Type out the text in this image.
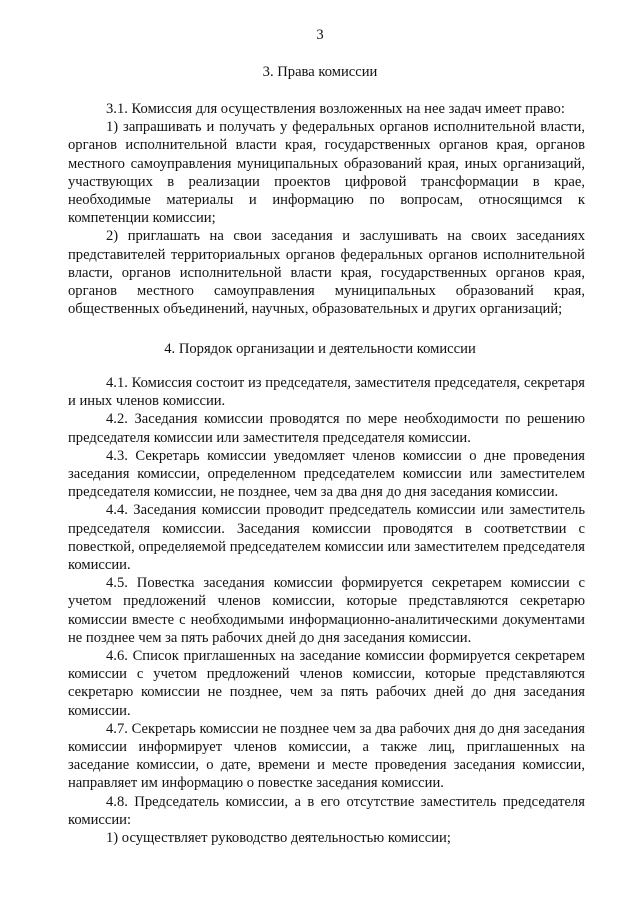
3
3. Права комиссии

3.1. Комиссия для осуществления возложенных на нее задач имеет право:

1) запрашивать и получать у федеральных органов исполнительной власти, органов исполнительной власти края, государственных органов края, органов местного самоуправления муниципальных образований края, иных организаций, участвующих в реализации проектов цифровой трансформации в крае, необходимые материалы и информацию по вопросам, относящимся к компетенции комиссии;

2) приглашать на свои заседания и заслушивать на своих заседаниях представителей территориальных органов федеральных органов исполнительной власти, органов исполнительной власти края, государственных органов края, органов местного самоуправления муниципальных образований края, общественных объединений, научных, образовательных и других организаций;

4. Порядок организации и деятельности комиссии

4.1. Комиссия состоит из председателя, заместителя председателя, секретаря и иных членов комиссии.

4.2. Заседания комиссии проводятся по мере необходимости по решению председателя комиссии или заместителя председателя комиссии.

4.3. Секретарь комиссии уведомляет членов комиссии о дне проведения заседания комиссии, определенном председателем комиссии или заместителем председателя комиссии, не позднее, чем за два дня до дня заседания комиссии.

4.4. Заседания комиссии проводит председатель комиссии или заместитель председателя комиссии. Заседания комиссии проводятся в соответствии с повесткой, определяемой председателем комиссии или заместителем председателя комиссии.

4.5. Повестка заседания комиссии формируется секретарем комиссии с учетом предложений членов комиссии, которые представляются секретарю комиссии вместе с необходимыми информационно-аналитическими документами не позднее чем за пять рабочих дней до дня заседания комиссии.

4.6. Список приглашенных на заседание комиссии формируется секретарем комиссии с учетом предложений членов комиссии, которые представляются секретарю комиссии не позднее, чем за пять рабочих дней до дня заседания комиссии.

4.7. Секретарь комиссии не позднее чем за два рабочих дня до дня заседания комиссии информирует членов комиссии, а также лиц, приглашенных на заседание комиссии, о дате, времени и месте проведения заседания комиссии, направляет им информацию о повестке заседания комиссии.

4.8. Председатель комиссии, а в его отсутствие заместитель председателя комиссии:

1) осуществляет руководство деятельностью комиссии;
